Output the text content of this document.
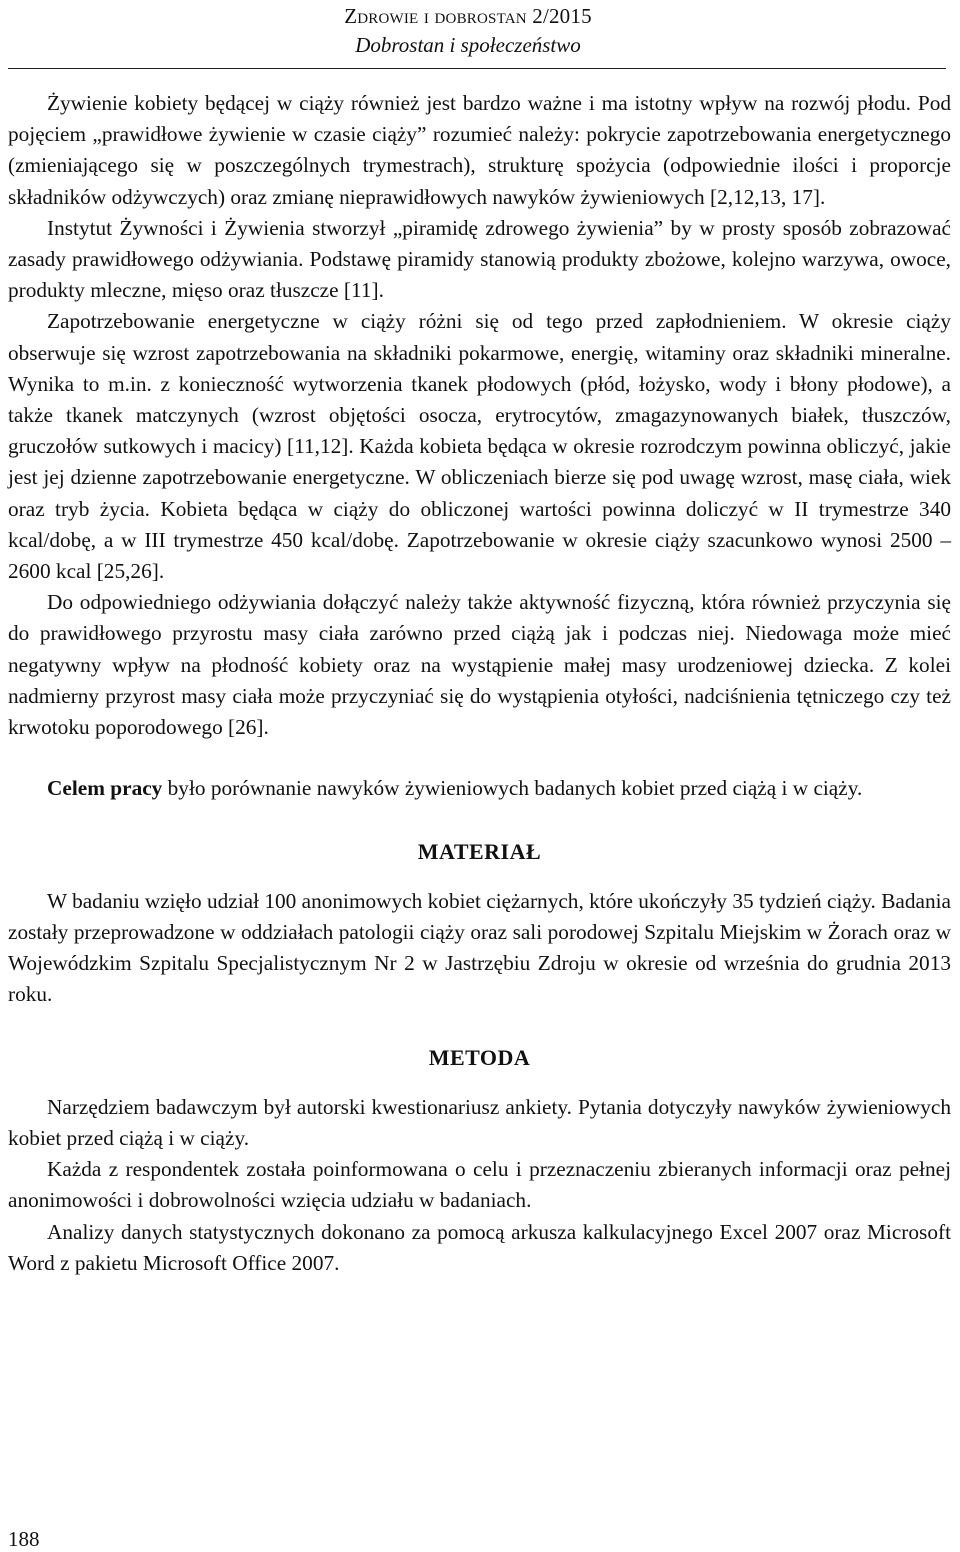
Zdrowie i dobrostan 2/2015
Dobrostan i społeczeństwo

Żywienie kobiety będącej w ciąży również jest bardzo ważne i ma istotny wpływ na rozwój płodu. Pod pojęciem „prawidłowe żywienie w czasie ciąży” rozumieć należy: pokrycie zapotrzebowania energetycznego (zmieniającego się w poszczególnych trymestrach), strukturę spożycia (odpowiednie ilości i proporcje składników odżywczych) oraz zmianę nieprawidłowych nawyków żywieniowych [2,12,13, 17].

Instytut Żywności i Żywienia stworzył „piramidę zdrowego żywienia” by w prosty sposób zobrazować zasady prawidłowego odżywiania. Podstawę piramidy stanowią produkty zbożowe, kolejno warzywa, owoce, produkty mleczne, mięso oraz tłuszcze [11].

Zapotrzebowanie energetyczne w ciąży różni się od tego przed zapłodnieniem. W okresie ciąży obserwuje się wzrost zapotrzebowania na składniki pokarmowe, energię, witaminy oraz składniki mineralne. Wynika to m.in. z konieczność wytworzenia tkanek płodowych (płód, łożysko, wody i błony płodowe), a także tkanek matczynych (wzrost objętości osocza, erytrocytów, zmagazynowanych białek, tłuszczów, gruczołów sutkowych i macicy) [11,12]. Każda kobieta będąca w okresie rozrodczym powinna obliczyć, jakie jest jej dzienne zapotrzebowanie energetyczne. W obliczeniach bierze się pod uwagę wzrost, masę ciała, wiek oraz tryb życia. Kobieta będąca w ciąży do obliczonej wartości powinna doliczyć w II trymestrze 340 kcal/dobę, a w III trymestrze 450 kcal/dobę. Zapotrzebowanie w okresie ciąży szacunkowo wynosi 2500 – 2600 kcal [25,26].

Do odpowiedniego odżywiania dołączyć należy także aktywność fizyczną, która również przyczynia się do prawidłowego przyrostu masy ciała zarówno przed ciążą jak i podczas niej. Niedowaga może mieć negatywny wpływ na płodność kobiety oraz na wystąpienie małej masy urodzeniowej dziecka. Z kolei nadmierny przyrost masy ciała może przyczyniać się do wystąpienia otyłości, nadciśnienia tętniczego czy też krwotoku poporodowego [26].

Celem pracy było porównanie nawyków żywieniowych badanych kobiet przed ciążą i w ciąży.

MATERIAŁ

W badaniu wzięło udział 100 anonimowych kobiet ciężarnych, które ukończyły 35 tydzień ciąży. Badania zostały przeprowadzone w oddziałach patologii ciąży oraz sali porodowej Szpitalu Miejskim w Żorach oraz w Wojewódzkim Szpitalu Specjalistycznym Nr 2 w Jastrzębiu Zdroju w okresie od września do grudnia 2013 roku.

METODA

Narzędziem badawczym był autorski kwestionariusz ankiety. Pytania dotyczyły nawyków żywieniowych kobiet przed ciążą i w ciąży.

Każda z respondentek została poinformowana o celu i przeznaczeniu zbieranych informacji oraz pełnej anonimowości i dobrowolności wzięcia udziału w badaniach.

Analizy danych statystycznych dokonano za pomocą arkusza kalkulacyjnego Excel 2007 oraz Microsoft Word z pakietu Microsoft Office 2007.

188
